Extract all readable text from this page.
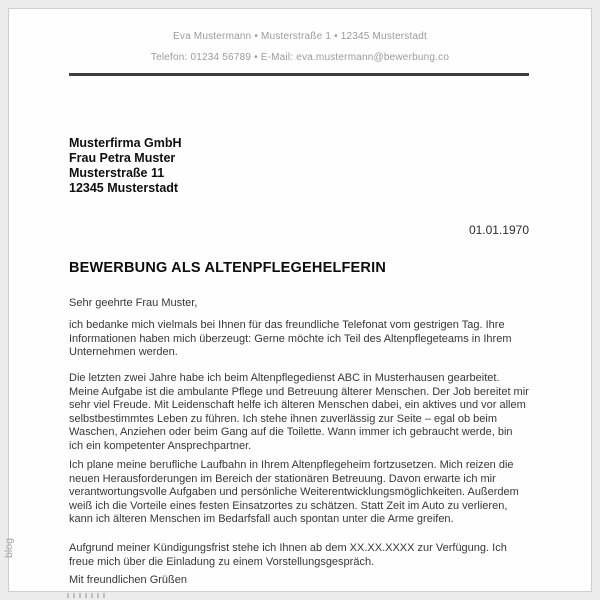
Eva Mustermann • Musterstraße 1 • 12345 Musterstadt
Telefon: 01234 56789 • E-Mail: eva.mustermann@bewerbung.co
Musterfirma GmbH
Frau Petra Muster
Musterstraße 11
12345 Musterstadt
01.01.1970
BEWERBUNG ALS ALTENPFLEGEHELFERIN

Sehr geehrte Frau Muster,

ich bedanke mich vielmals bei Ihnen für das freundliche Telefonat vom gestrigen Tag. Ihre Informationen haben mich überzeugt: Gerne möchte ich Teil des Altenpflegeteams in Ihrem Unternehmen werden.

Die letzten zwei Jahre habe ich beim Altenpflegedienst ABC in Musterhausen gearbeitet. Meine Aufgabe ist die ambulante Pflege und Betreuung älterer Menschen. Der Job bereitet mir sehr viel Freude. Mit Leidenschaft helfe ich älteren Menschen dabei, ein aktives und vor allem selbstbestimmtes Leben zu führen. Ich stehe ihnen zuverlässig zur Seite – egal ob beim Waschen, Anziehen oder beim Gang auf die Toilette. Wann immer ich gebraucht werde, bin ich ein kompetenter Ansprechpartner.

Ich plane meine berufliche Laufbahn in Ihrem Altenpflegeheim fortzusetzen. Mich reizen die neuen Herausforderungen im Bereich der stationären Betreuung. Davon erwarte ich mir verantwortungsvolle Aufgaben und persönliche Weiterentwicklungsmöglichkeiten. Außerdem weiß ich die Vorteile eines festen Einsatzortes zu schätzen. Statt Zeit im Auto zu verlieren, kann ich älteren Menschen im Bedarfsfall auch spontan unter die Arme greifen.

Aufgrund meiner Kündigungsfrist stehe ich Ihnen ab dem XX.XX.XXXX zur Verfügung. Ich freue mich über die Einladung zu einem Vorstellungsgespräch.

Mit freundlichen Grüßen

blog
